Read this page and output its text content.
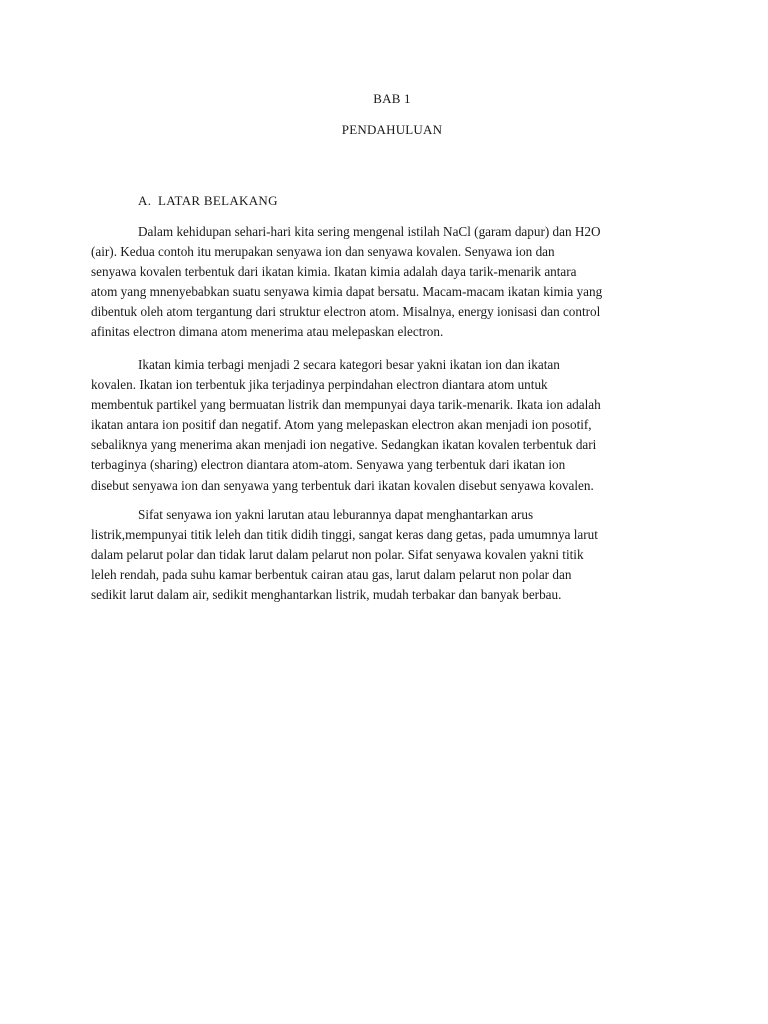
BAB 1
PENDAHULUAN
A. LATAR BELAKANG

Dalam kehidupan sehari-hari kita sering mengenal istilah NaCl (garam dapur) dan H2O
(air). Kedua contoh itu merupakan senyawa ion dan senyawa kovalen. Senyawa ion dan
senyawa kovalen terbentuk dari ikatan kimia. Ikatan kimia adalah daya tarik-menarik antara
atom yang mnenyebabkan suatu senyawa kimia dapat bersatu. Macam-macam ikatan kimia yang
dibentuk oleh atom tergantung dari struktur electron atom. Misalnya, energy ionisasi dan control
afinitas electron dimana atom menerima atau melepaskan electron.

Ikatan kimia terbagi menjadi 2 secara kategori besar yakni ikatan ion dan ikatan
kovalen. Ikatan ion terbentuk jika terjadinya perpindahan electron diantara atom untuk
membentuk partikel yang bermuatan listrik dan mempunyai daya tarik-menarik. Ikata ion adalah
ikatan antara ion positif dan negatif. Atom yang melepaskan electron akan menjadi ion posotif,
sebaliknya yang menerima akan menjadi ion negative. Sedangkan ikatan kovalen terbentuk dari
terbaginya (sharing) electron diantara atom-atom. Senyawa yang terbentuk dari ikatan ion
disebut senyawa ion dan senyawa yang terbentuk dari ikatan kovalen disebut senyawa kovalen.

Sifat senyawa ion yakni larutan atau leburannya dapat menghantarkan arus
listrik,mempunyai titik leleh dan titik didih tinggi, sangat keras dang getas, pada umumnya larut
dalam pelarut polar dan tidak larut dalam pelarut non polar. Sifat senyawa kovalen yakni titik
leleh rendah, pada suhu kamar berbentuk cairan atau gas, larut dalam pelarut non polar dan
sedikit larut dalam air, sedikit menghantarkan listrik, mudah terbakar dan banyak berbau.
